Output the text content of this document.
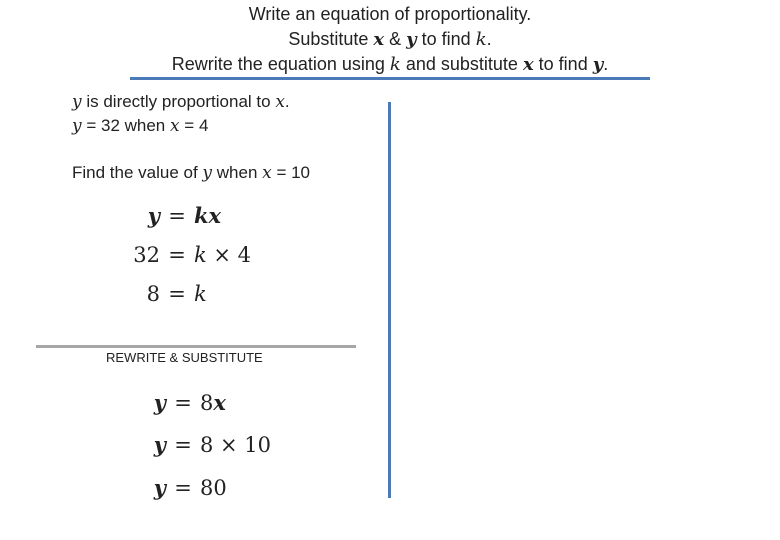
Write an equation of proportionality.
Substitute x & y to find k.
Rewrite the equation using k and substitute x to find y.
y is directly proportional to x.
y = 32 when x = 4
Find the value of y when x = 10
y = kx
32 = k × 4
8 = k
REWRITE & SUBSTITUTE
y = 8x
y = 8 × 10
y = 80
